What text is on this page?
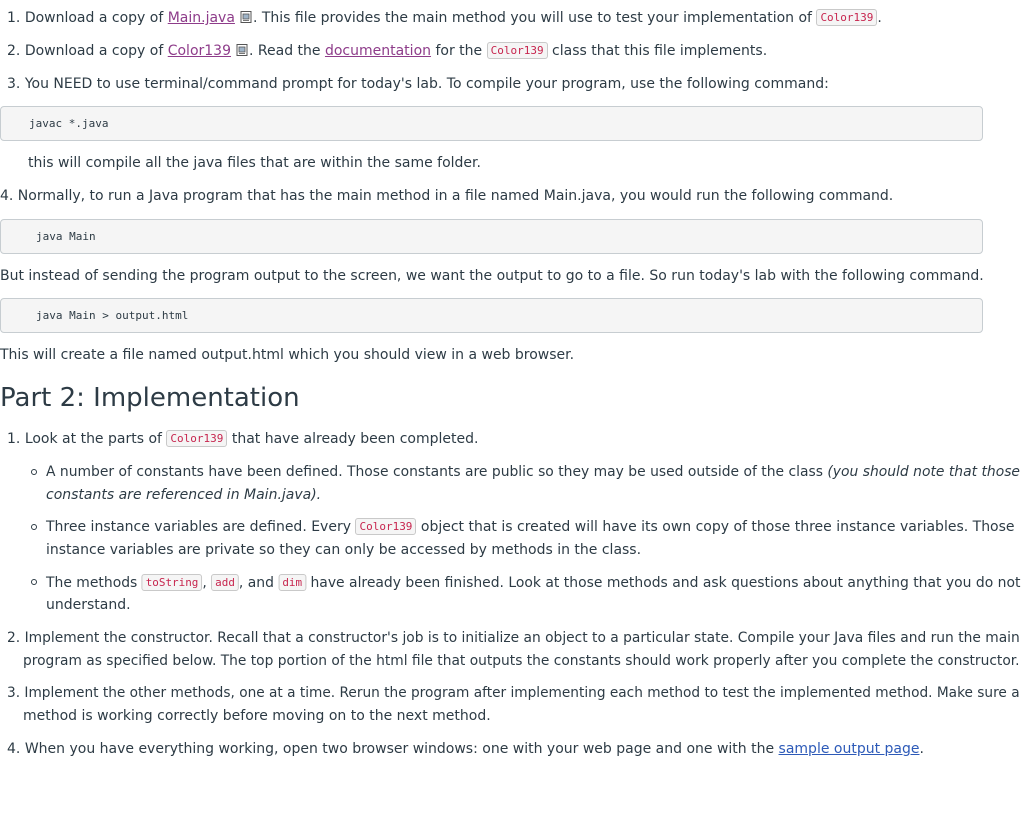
1. Download a copy of Main.java . This file provides the main method you will use to test your implementation of Color139 .
2. Download a copy of Color139 . Read the documentation for the Color139 class that this file implements.
3. You NEED to use terminal/command prompt for today's lab. To compile your program, use the following command:
javac *.java
this will compile all the java files that are within the same folder.
4. Normally, to run a Java program that has the main method in a file named Main.java, you would run the following command.
java Main
But instead of sending the program output to the screen, we want the output to go to a file. So run today's lab with the following command.
java Main > output.html
This will create a file named output.html which you should view in a web browser.
Part 2: Implementation
1. Look at the parts of Color139 that have already been completed.
A number of constants have been defined. Those constants are public so they may be used outside of the class (you should note that those
constants are referenced in Main.java).
Three instance variables are defined. Every Color139 object that is created will have its own copy of those three instance variables. Those
instance variables are private so they can only be accessed by methods in the class.
The methods toString , add , and dim have already been finished. Look at those methods and ask questions about anything that you do not
understand.
2. Implement the constructor. Recall that a constructor's job is to initialize an object to a particular state. Compile your Java files and run the main
program as specified below. The top portion of the html file that outputs the constants should work properly after you complete the constructor.
3. Implement the other methods, one at a time. Rerun the program after implementing each method to test the implemented method. Make sure a
method is working correctly before moving on to the next method.
4. When you have everything working, open two browser windows: one with your web page and one with the sample output page.
